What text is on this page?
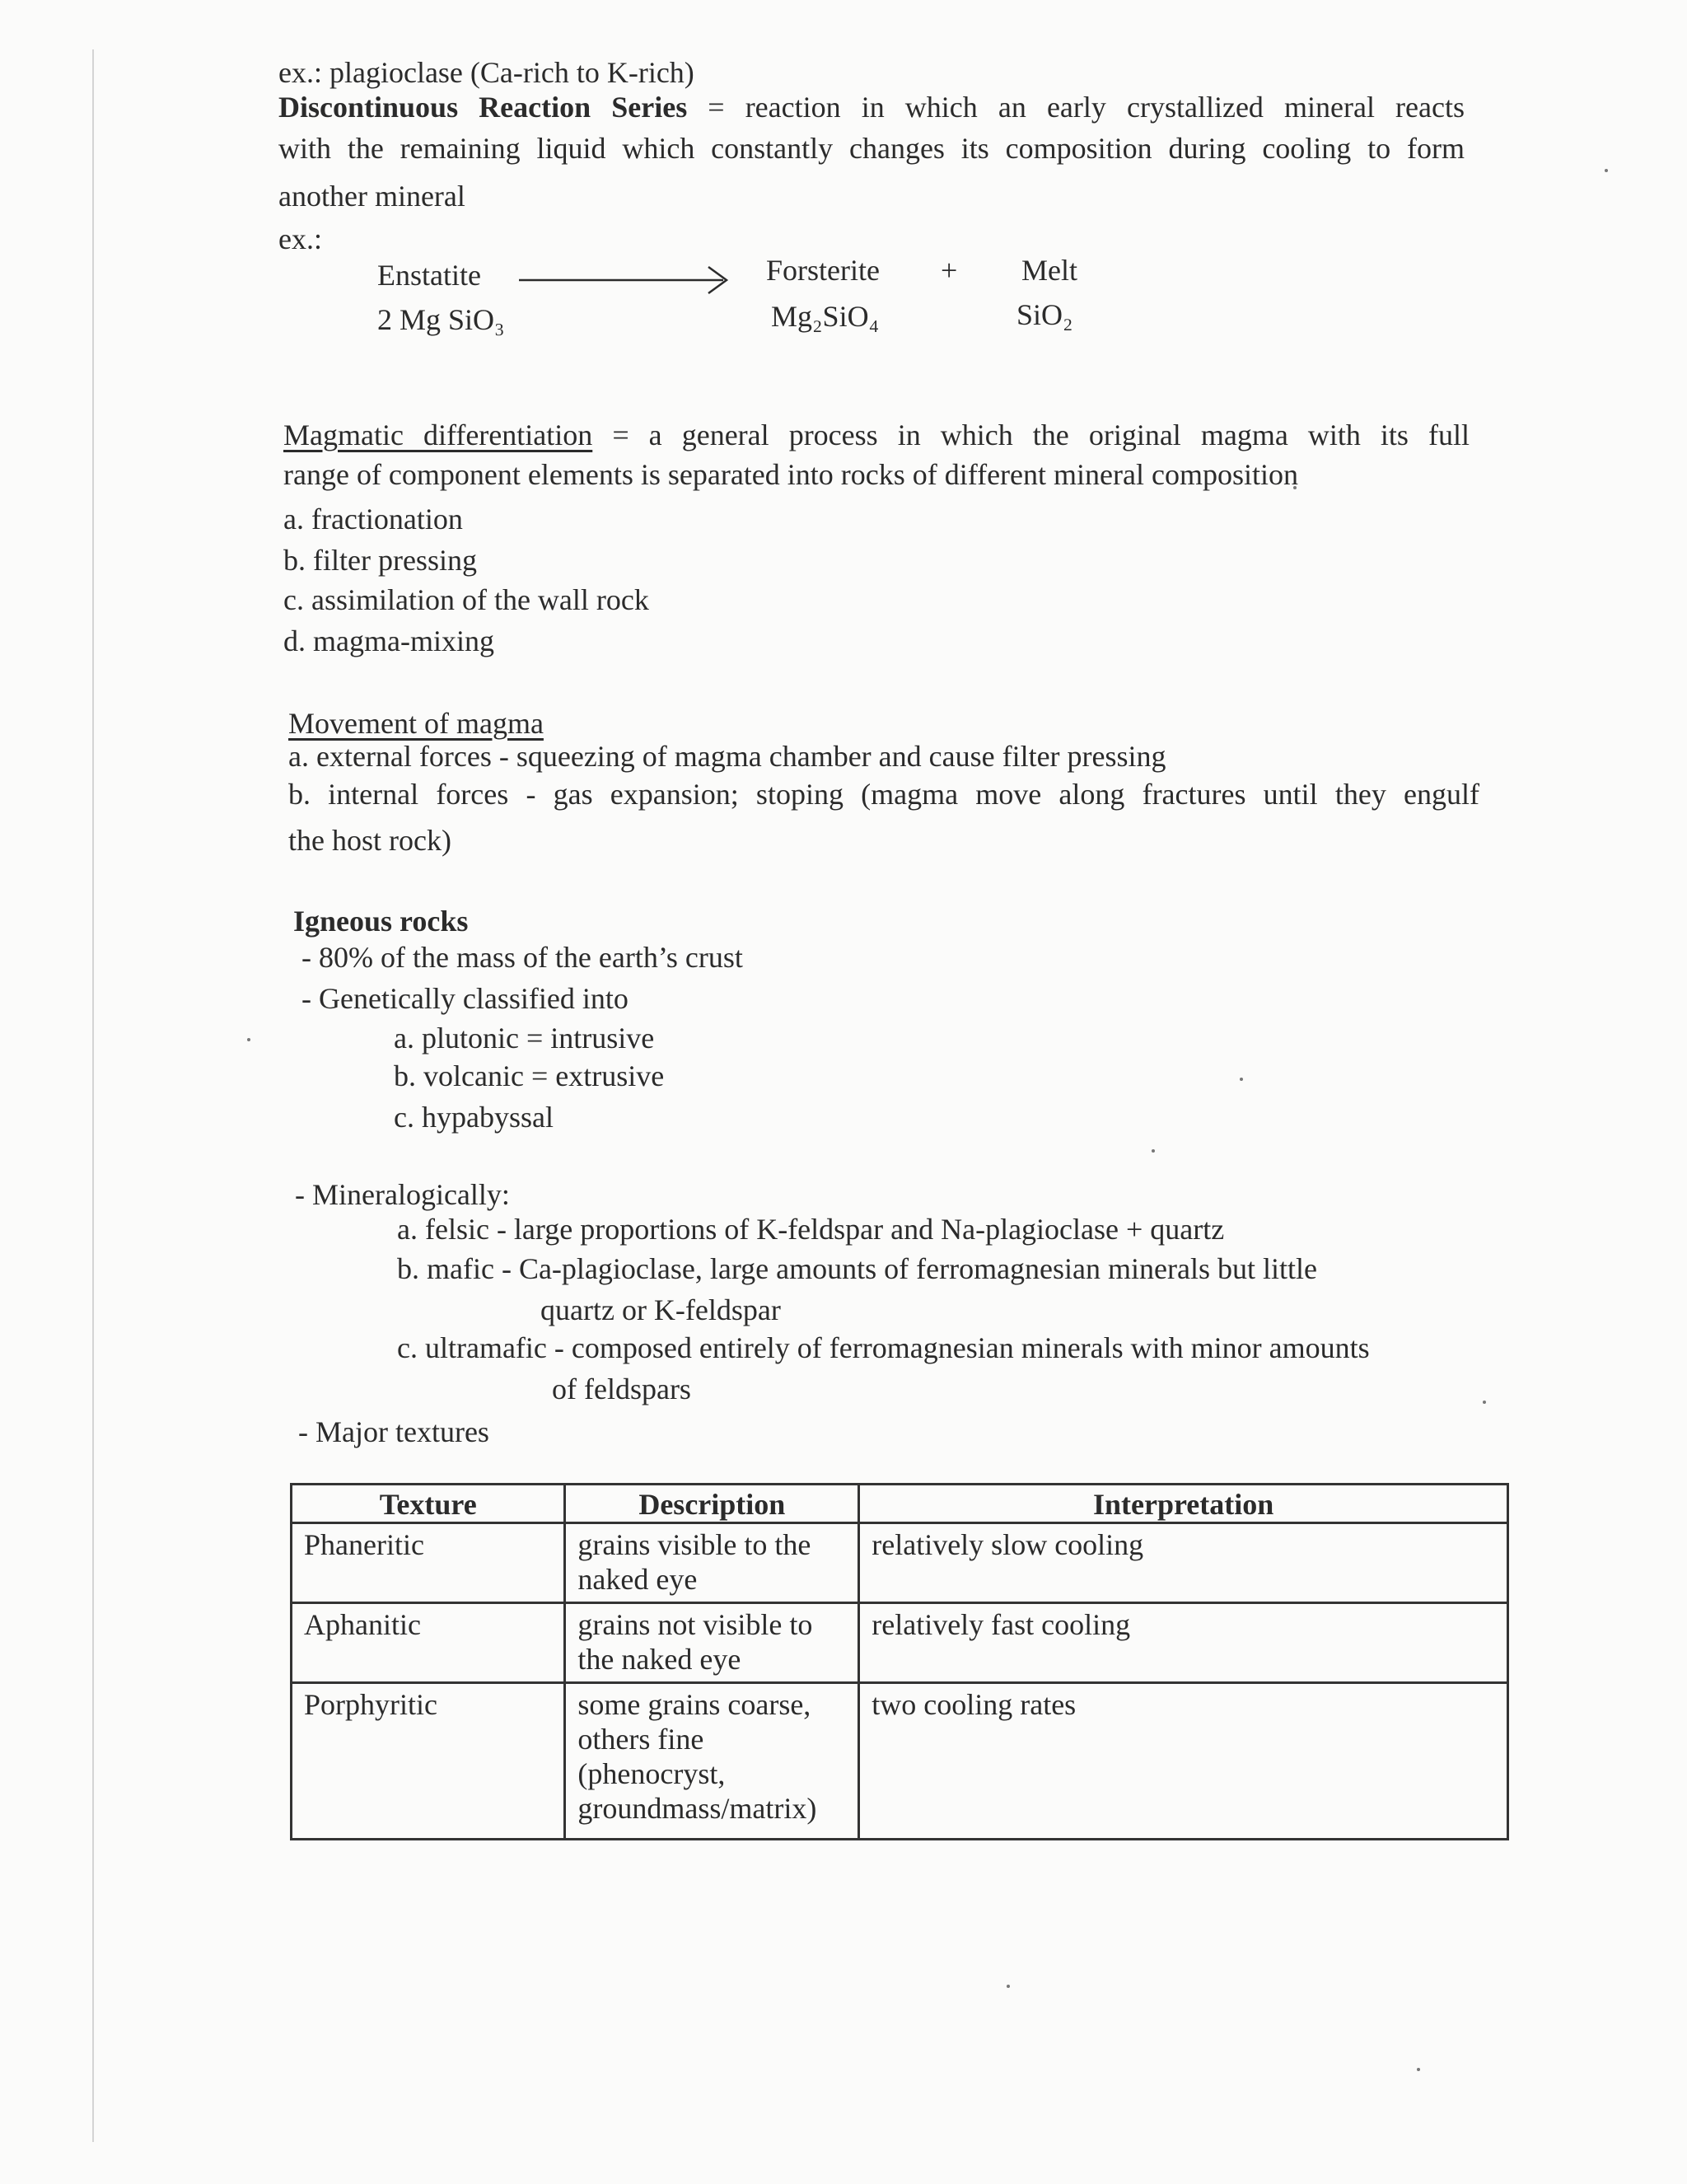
ex.: plagioclase (Ca-rich to K-rich)
Discontinuous Reaction Series = reaction in which an early crystallized mineral reacts
with the remaining liquid which constantly changes its composition during cooling to form
another mineral
ex.:
Enstatite
2 Mg SiO₃
Forsterite
Mg₂SiO₄
+ Melt
SiO₂
Magmatic differentiation = a general process in which the original magma with its full
range of component elements is separated into rocks of different mineral composition
a. fractionation
b. filter pressing
c. assimilation of the wall rock
d. magma-mixing
Movement of magma
a. external forces - squeezing of magma chamber and cause filter pressing
b. internal forces - gas expansion; stoping (magma move along fractures until they engulf
the host rock)
Igneous rocks
- 80% of the mass of the earth’s crust
- Genetically classified into
a. plutonic = intrusive
b. volcanic = extrusive
c. hypabyssal
- Mineralogically:
a. felsic - large proportions of K-feldspar and Na-plagioclase + quartz
b. mafic - Ca-plagioclase, large amounts of ferromagnesian minerals but little
quartz or K-feldspar
c. ultramafic - composed entirely of ferromagnesian minerals with minor amounts
of feldspars
- Major textures
Texture	Description	Interpretation
Phaneritic	grains visible to the naked eye	relatively slow cooling
Aphanitic	grains not visible to the naked eye	relatively fast cooling
Porphyritic	some grains coarse, others fine (phenocryst, groundmass/matrix)	two cooling rates
